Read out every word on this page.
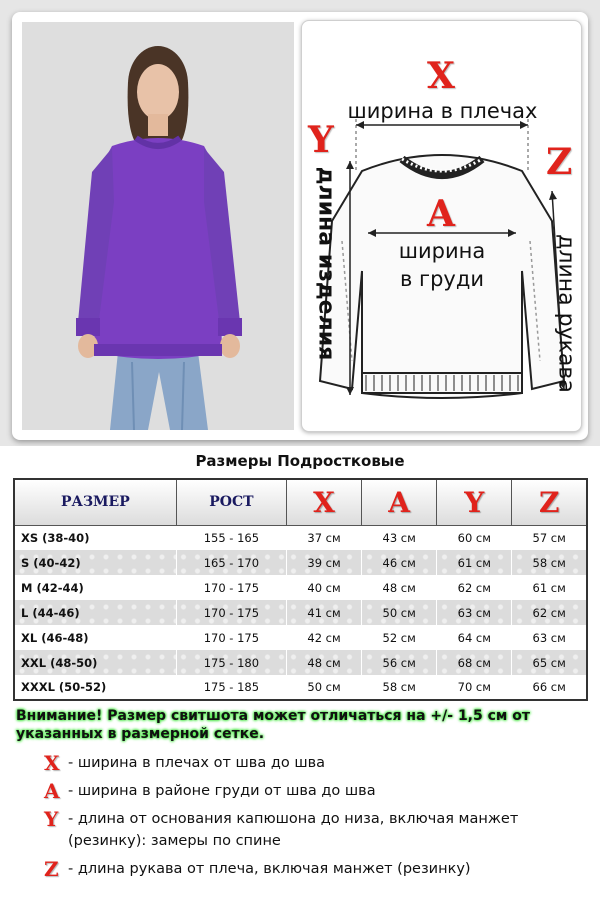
X
ширина в плечах
Y
длина изделия
Z
длина рукава
A
ширина
в груди
Размеры Подростковые
РАЗМЕР	РОСТ	X	A	Y	Z
XS (38-40)	155 - 165	37 см	43 см	60 см	57 см
S (40-42)	165 - 170	39 см	46 см	61 см	58 см
M (42-44)	170 - 175	40 см	48 см	62 см	61 см
L (44-46)	170 - 175	41 см	50 см	63 см	62 см
XL (46-48)	170 - 175	42 см	52 см	64 см	63 см
XXL (48-50)	175 - 180	48 см	56 см	68 см	65 см
XXXL (50-52)	175 - 185	50 см	58 см	70 см	66 см
Внимание! Размер свитшота может отличаться на +/- 1,5 см от указанных в размерной сетке.
X - ширина в плечах от шва до шва
A - ширина в районе груди от шва до шва
Y - длина от основания капюшона до низа, включая манжет (резинку): замеры по спине
Z - длина рукава от плеча, включая манжет (резинку)
